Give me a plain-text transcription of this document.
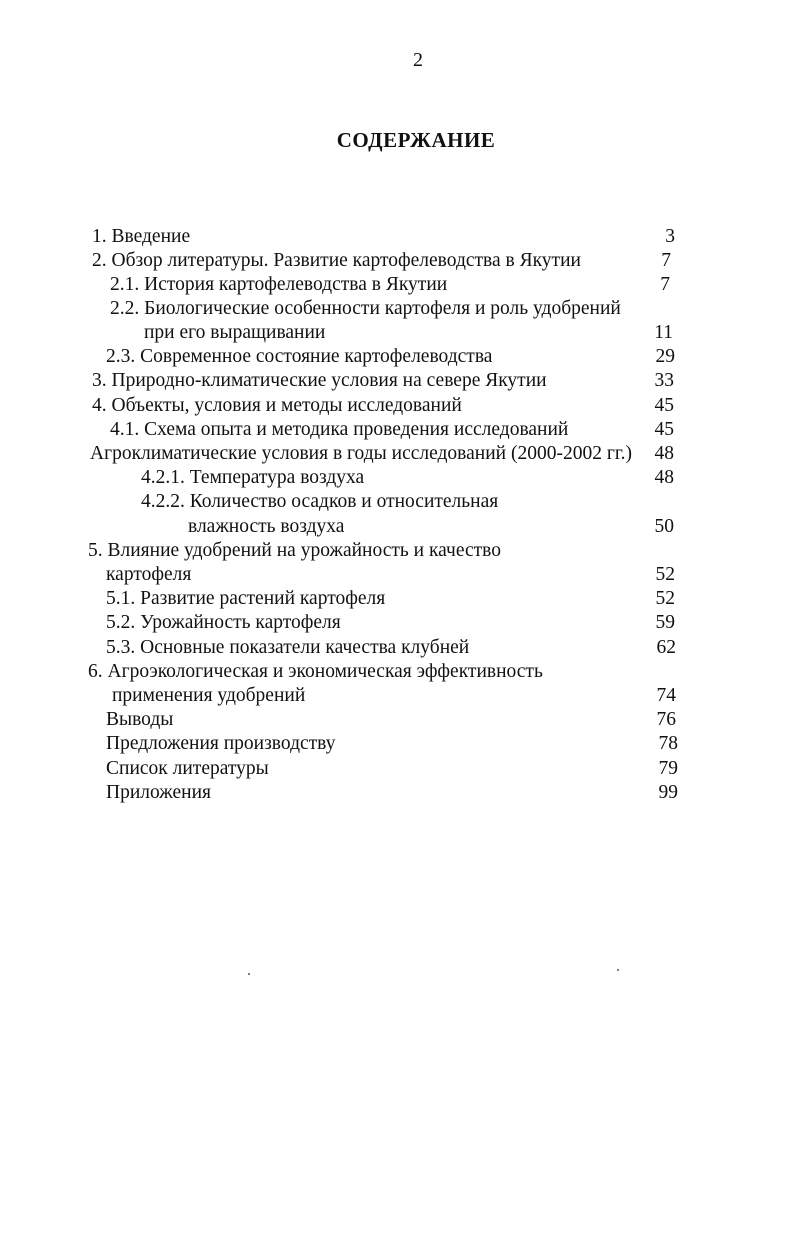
2
СОДЕРЖАНИЕ
1. Введение	3
2. Обзор литературы. Развитие картофелеводства в Якутии	7
2.1. История картофелеводства в Якутии	7
2.2. Биологические особенности картофеля и роль удобрений
при его выращивании	11
2.3. Современное состояние картофелеводства	29
3. Природно-климатические условия на севере Якутии	33
4. Объекты, условия и методы исследований	45
4.1. Схема опыта и методика проведения исследований	45
Агроклиматические условия в годы исследований (2000-2002 гг.)	48
4.2.1. Температура воздуха	48
4.2.2. Количество осадков и относительная
влажность воздуха	50
5. Влияние удобрений на урожайность и качество
картофеля	52
5.1. Развитие растений картофеля	52
5.2. Урожайность картофеля	59
5.3. Основные показатели качества клубней	62
6. Агроэкологическая и экономическая эффективность
применения удобрений	74
Выводы	76
Предложения производству	78
Список литературы	79
Приложения	99
